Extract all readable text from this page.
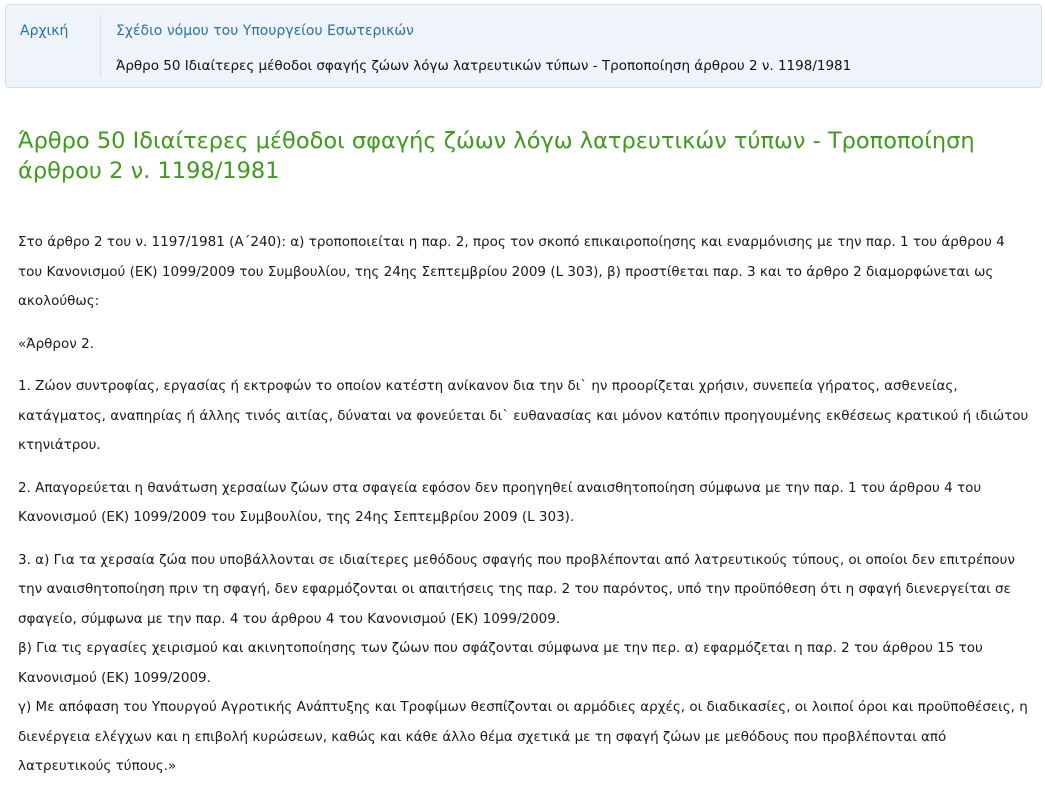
Αρχική	Σχέδιο νόμου του Υπουργείου Εσωτερικών
Άρθρο 50 Ιδιαίτερες μέθοδοι σφαγής ζώων λόγω λατρευτικών τύπων - Τροποποίηση άρθρου 2 ν. 1198/1981
Άρθρο 50 Ιδιαίτερες μέθοδοι σφαγής ζώων λόγω λατρευτικών τύπων - Τροποποίηση άρθρου 2 ν. 1198/1981

Στο άρθρο 2 του ν. 1197/1981 (Α΄240): α) τροποποιείται η παρ. 2, προς τον σκοπό επικαιροποίησης και εναρμόνισης με την παρ. 1 του άρθρου 4 του Κανονισμού (ΕΚ) 1099/2009 του Συμβουλίου, της 24ης Σεπτεμβρίου 2009 (L 303), β) προστίθεται παρ. 3 και το άρθρο 2 διαμορφώνεται ως ακολούθως:

«Άρθρον 2.

1. Ζώον συντροφίας, εργασίας ή εκτροφών το οποίον κατέστη ανίκανον δια την δι` ην προορίζεται χρήσιν, συνεπεία γήρατος, ασθενείας, κατάγματος, αναπηρίας ή άλλης τινός αιτίας, δύναται να φονεύεται δι` ευθανασίας και μόνον κατόπιν προηγουμένης εκθέσεως κρατικού ή ιδιώτου κτηνιάτρου.

2. Απαγορεύεται η θανάτωση χερσαίων ζώων στα σφαγεία εφόσον δεν προηγηθεί αναισθητοποίηση σύμφωνα με την παρ. 1 του άρθρου 4 του Κανονισμού (ΕΚ) 1099/2009 του Συμβουλίου, της 24ης Σεπτεμβρίου 2009 (L 303).

3. α) Για τα χερσαία ζώα που υποβάλλονται σε ιδιαίτερες μεθόδους σφαγής που προβλέπονται από λατρευτικούς τύπους, οι οποίοι δεν επιτρέπουν την αναισθητοποίηση πριν τη σφαγή, δεν εφαρμόζονται οι απαιτήσεις της παρ. 2 του παρόντος, υπό την προϋπόθεση ότι η σφαγή διενεργείται σε σφαγείο, σύμφωνα με την παρ. 4 του άρθρου 4 του Κανονισμού (ΕΚ) 1099/2009.
β) Για τις εργασίες χειρισμού και ακινητοποίησης των ζώων που σφάζονται σύμφωνα με την περ. α) εφαρμόζεται η παρ. 2 του άρθρου 15 του Κανονισμού (ΕΚ) 1099/2009.
γ) Με απόφαση του Υπουργού Αγροτικής Ανάπτυξης και Τροφίμων θεσπίζονται οι αρμόδιες αρχές, οι διαδικασίες, οι λοιποί όροι και προϋποθέσεις, η διενέργεια ελέγχων και η επιβολή κυρώσεων, καθώς και κάθε άλλο θέμα σχετικά με τη σφαγή ζώων με μεθόδους που προβλέπονται από λατρευτικούς τύπους.»
